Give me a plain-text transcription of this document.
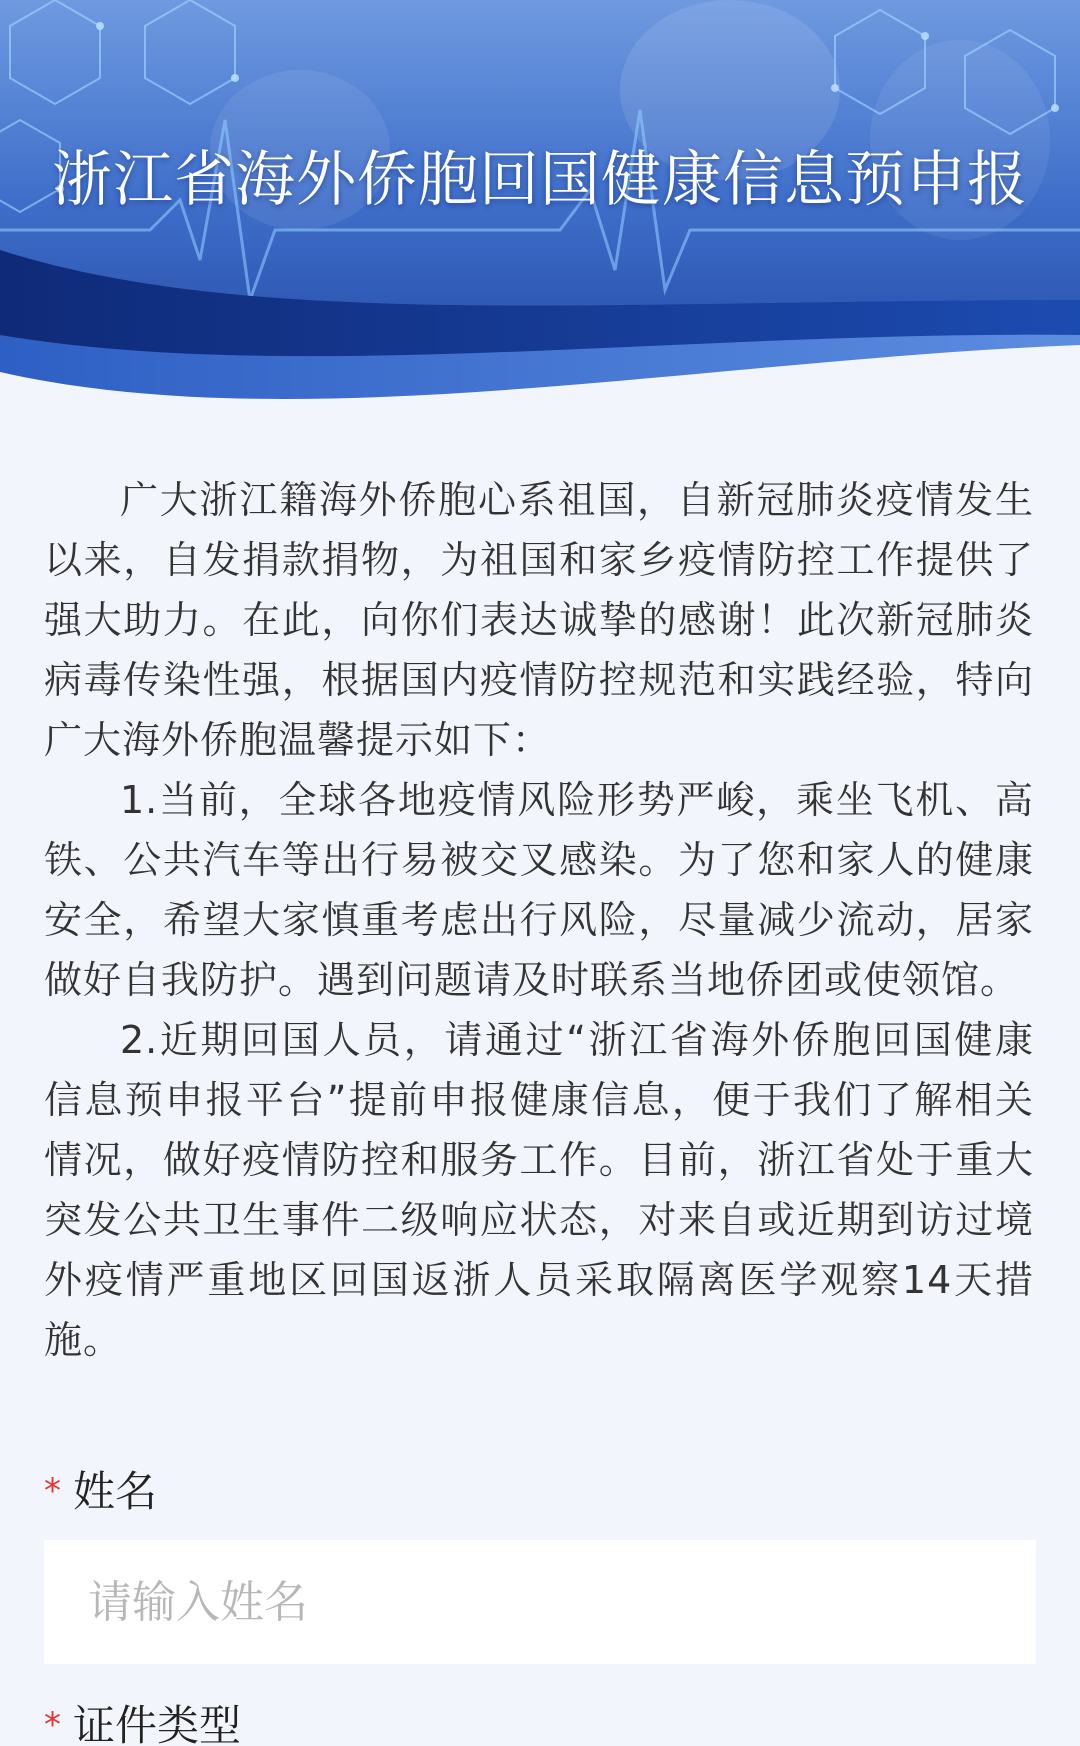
浙江省海外侨胞回国健康信息预申报

广大浙江籍海外侨胞心系祖国，自新冠肺炎疫情发生以来，自发捐款捐物，为祖国和家乡疫情防控工作提供了强大助力。在此，向你们表达诚挚的感谢！此次新冠肺炎病毒传染性强，根据国内疫情防控规范和实践经验，特向广大海外侨胞温馨提示如下：

1.当前，全球各地疫情风险形势严峻，乘坐飞机、高铁、公共汽车等出行易被交叉感染。为了您和家人的健康安全，希望大家慎重考虑出行风险，尽量减少流动，居家做好自我防护。遇到问题请及时联系当地侨团或使领馆。

2.近期回国人员，请通过“浙江省海外侨胞回国健康信息预申报平台”提前申报健康信息，便于我们了解相关情况，做好疫情防控和服务工作。目前，浙江省处于重大突发公共卫生事件二级响应状态，对来自或近期到访过境外疫情严重地区回国返浙人员采取隔离医学观察14天措施。

* 姓名
请输入姓名
* 证件类型
